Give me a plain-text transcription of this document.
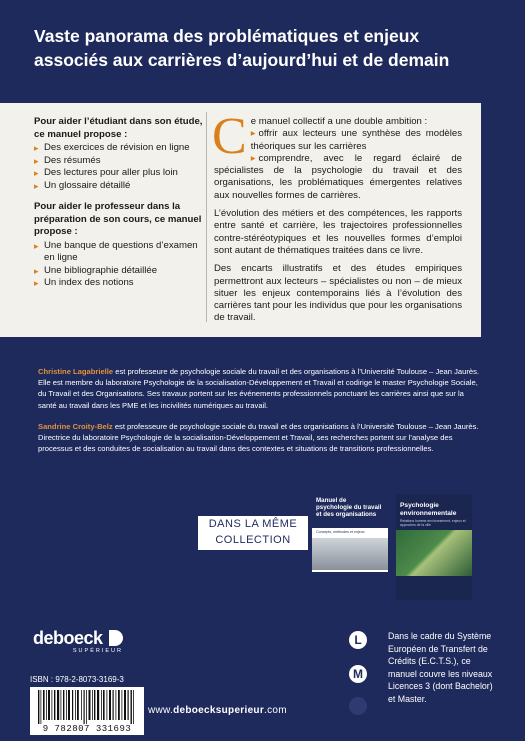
Vaste panorama des problématiques et enjeux associés aux carrières d’aujourd’hui et de demain
Pour aider l’étudiant dans son étude, ce manuel propose :
▸ Des exercices de révision en ligne
▸ Des résumés
▸ Des lectures pour aller plus loin
▸ Un glossaire détaillé
Pour aider le professeur dans la préparation de son cours, ce manuel propose :
▸ Une banque de questions d’examen en ligne
▸ Une bibliographie détaillée
▸ Un index des notions

C e manuel collectif a une double ambition :
▸ offrir aux lecteurs une synthèse des modèles théoriques sur les carrières
▸ comprendre, avec le regard éclairé de spécialistes de la psychologie du travail et des organisations, les problématiques émergentes relatives aux nouvelles formes de carrières.

L’évolution des métiers et des compétences, les rapports entre santé et carrière, les trajectoires professionnelles contre-stéréotypiques et les nouvelles formes d’emploi sont autant de thématiques traitées dans ce livre.

Des encarts illustratifs et des études empiriques permettront aux lecteurs – spécialistes ou non – de mieux situer les enjeux contemporains liés à l’évolution des carrières tant pour les individus que pour les organisations de travail.

Christine Lagabrielle est professeure de psychologie sociale du travail et des organisations à l’Université Toulouse – Jean Jaurès. Elle est membre du laboratoire Psychologie de la socialisation-Développement et Travail et codirige le master Psychologie Sociale, du Travail et des Organisations. Ses travaux portent sur les événements professionnels ponctuant les carrières ainsi que sur la santé au travail dans les PME et les incivilités numériques au travail.
Sandrine Croity-Belz est professeure de psychologie sociale du travail et des organisations à l’Université Toulouse – Jean Jaurès. Directrice du laboratoire Psychologie de la socialisation-Développement et Travail, ses recherches portent sur l’analyse des processus et des conduites de socialisation au travail dans des contextes et situations de transitions professionnelles.
DANS LA MÊME
COLLECTION
Manuel de psychologie du travail et des organisations
Concepts, méthodes et enjeux
Psychologie environnementale
Relations homme-environnement, enjeux et approches de la ville
deboeck
SUPÉRIEUR
ISBN : 978-2-8073-3169-3
9 782807 331693
www.deboecksuperieur.com
L
M
D
Dans le cadre du Système Européen de Transfert de Crédits (E.C.T.S.), ce manuel couvre les niveaux Licences 3 (dont Bachelor) et Master.
